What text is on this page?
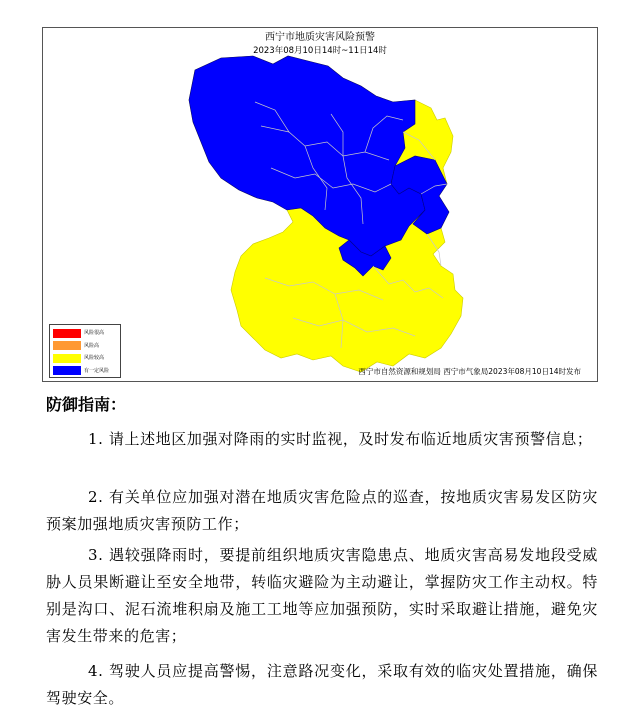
西宁市地质灾害风险预警
2023年08月10日14时~11日14时
风险很高
风险高
风险较高
有一定风险	西宁市自然资源和规划局 西宁市气象局2023年08月10日14时发布
防御指南：
1. 请上述地区加强对降雨的实时监视，及时发布临近地质灾害预警信息；
2. 有关单位应加强对潜在地质灾害危险点的巡查，按地质灾害易发区防灾预案加强地质灾害预防工作；
3. 遇较强降雨时，要提前组织地质灾害隐患点、地质灾害高易发地段受威胁人员果断避让至安全地带，转临灾避险为主动避让，掌握防灾工作主动权。特别是沟口、泥石流堆积扇及施工工地等应加强预防，实时采取避让措施，避免灾害发生带来的危害；
4. 驾驶人员应提高警惕，注意路况变化，采取有效的临灾处置措施，确保驾驶安全。
